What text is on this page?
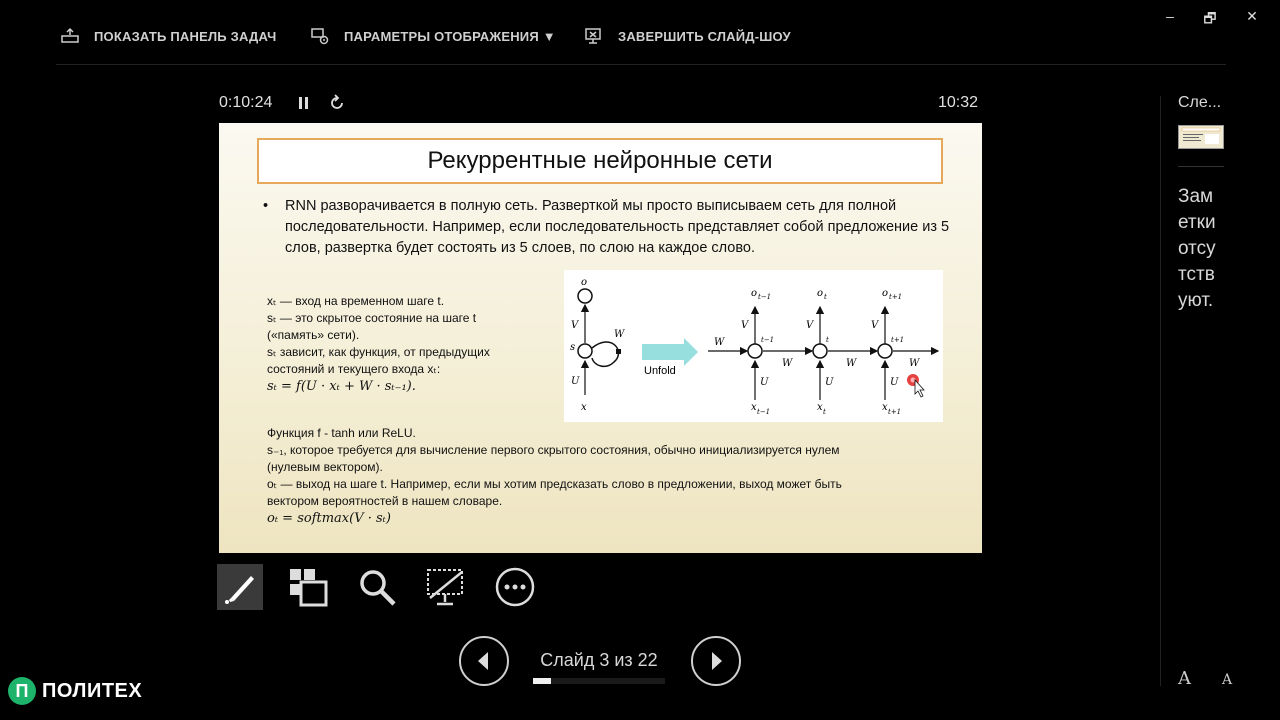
ПОКАЗАТЬ ПАНЕЛЬ ЗАДАЧ	ПАРАМЕТРЫ ОТОБРАЖЕНИЯ ▼	ЗАВЕРШИТЬ СЛАЙД-ШОУ
–	🗗	✕
0:10:24	10:32
Рекуррентные нейронные сети
• RNN разворачивается в полную сеть. Разверткой мы просто выписываем сеть для полной последовательности. Например, если последовательность представляет собой предложение из 5 слов, развертка будет состоять из 5 слоев, по слою на каждое слово.

xₜ — вход на временном шаге t.

sₜ — это скрытое состояние на шаге t

(«память» сети).

sₜ зависит, как функция, от предыдущих

состояний и текущего входа xₜ:

sₜ = f(U · xₜ + W · sₜ₋₁).

o
V
s
W
U
x
Unfold
W
W	W	W
o t−1
V
t−1
U
x t−1
o t
V
t
U
x t
o t+1
V
t+1
U
x t+1

Функция f - tanh или ReLU.

s₋₁, которое требуется для вычисление первого скрытого состояния, обычно инициализируется нулем

(нулевым вектором).

oₜ — выход на шаге t. Например, если мы хотим предсказать слово в предложении, выход может быть

вектором вероятностей в нашем словаре.

oₜ = softmax(V · sₜ)

Слайд 3 из 22
Сле...
Заметки отсутствуют.
A A
П ПОЛИТЕХ
